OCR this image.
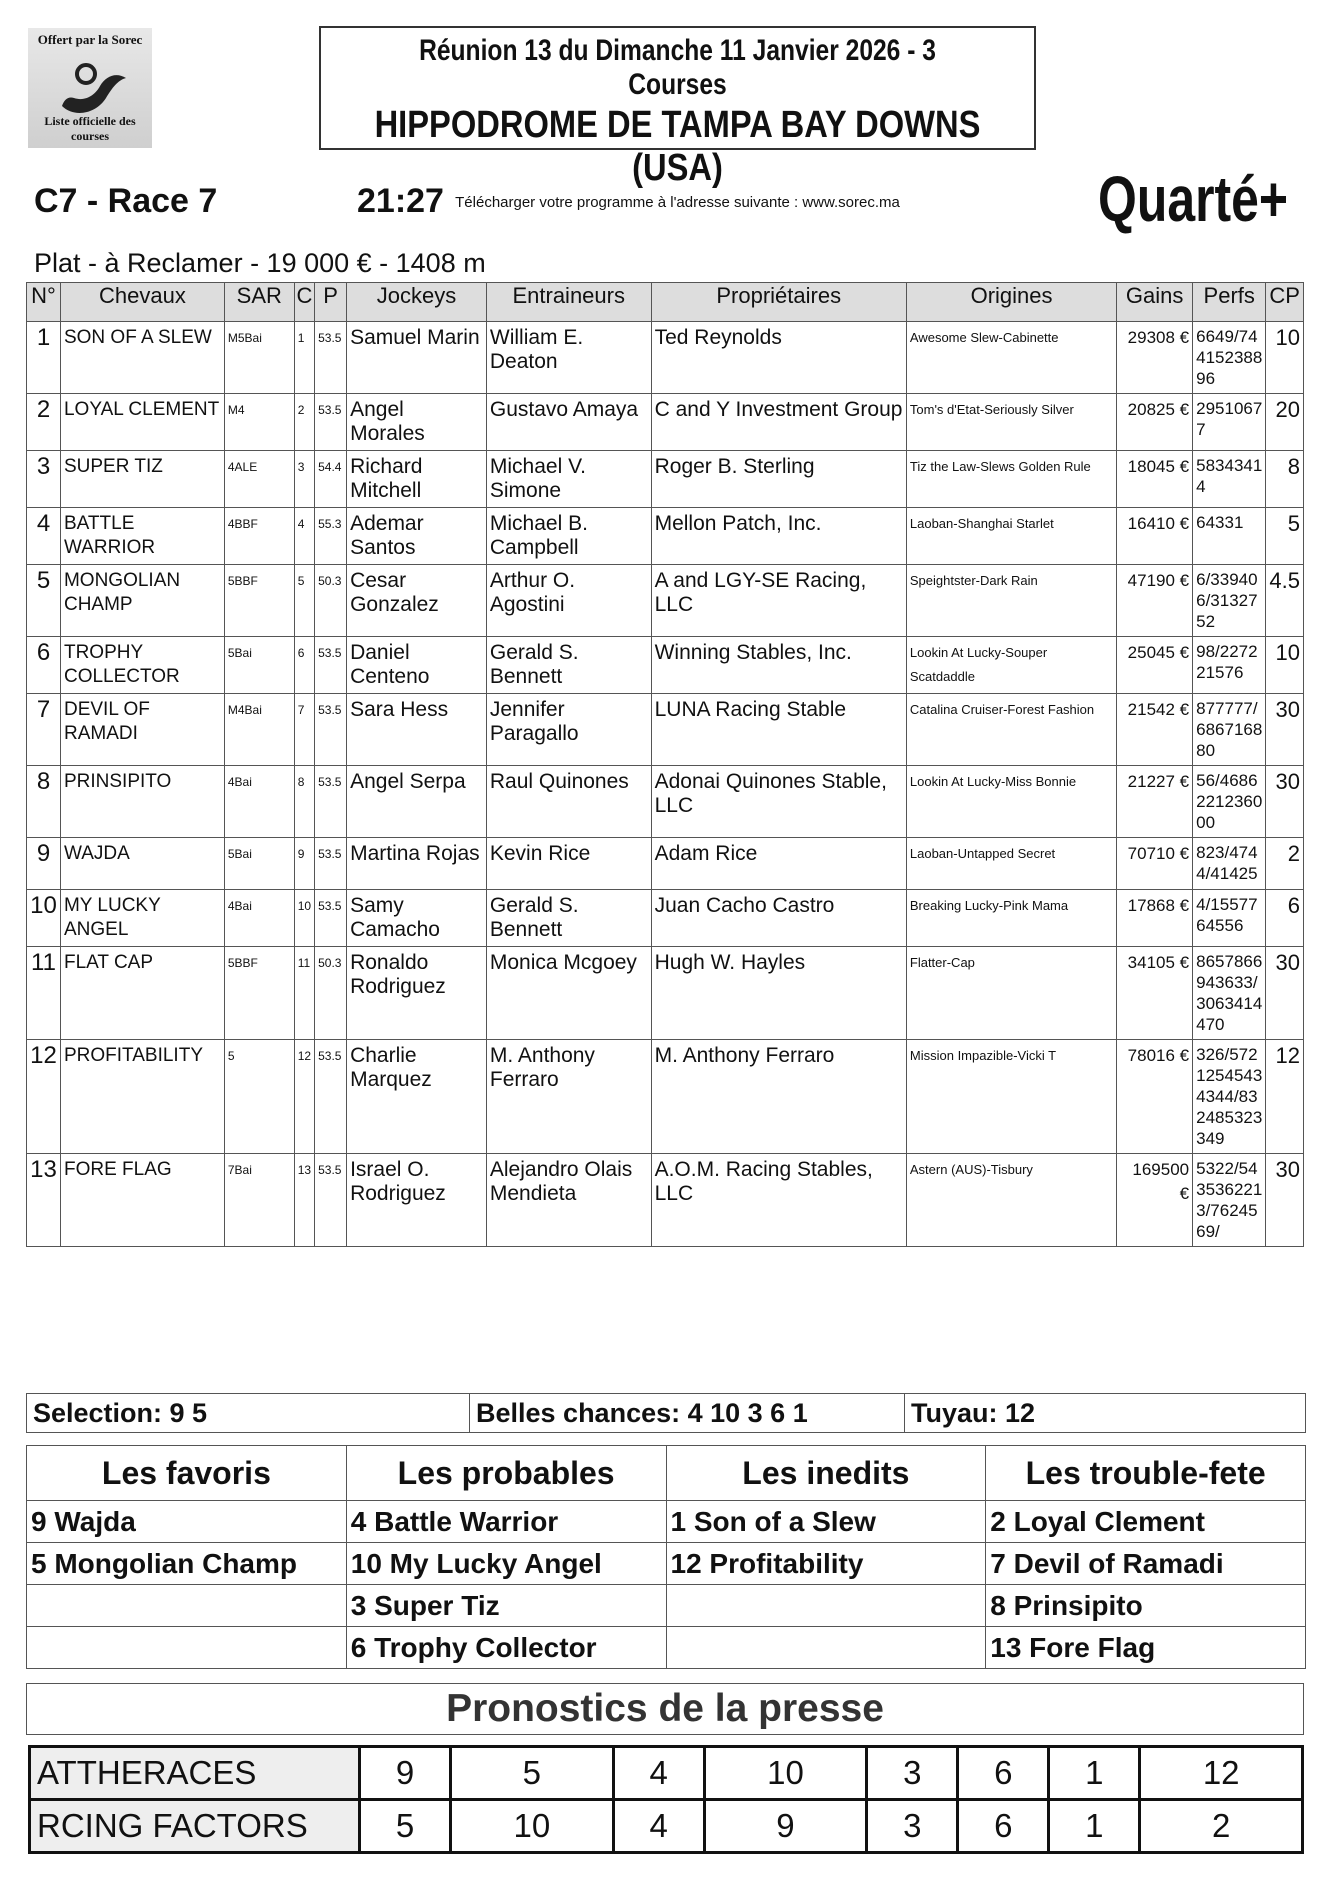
Offert par la Sorec
Liste officielle des courses
Réunion 13 du Dimanche 11 Janvier 2026 - 3 Courses
HIPPODROME DE TAMPA BAY DOWNS (USA)
Télécharger votre programme à l'adresse suivante : www.sorec.ma
C7 - Race 7	21:27	Quarté+
Plat - à Reclamer - 19 000 € - 1408 m
N°	Chevaux	SAR	C	P	Jockeys	Entraineurs	Propriétaires	Origines	Gains	Perfs	CP
1	SON OF A SLEW	M5Bai	1	53.5	Samuel Marin	William E. Deaton	Ted Reynolds	Awesome Slew-Cabinette	29308 €	6649/74 4152388 96	10
2	LOYAL CLEMENT	M4	2	53.5	Angel Morales	Gustavo Amaya	C and Y Investment Group	Tom's d'Etat-Seriously Silver	20825 €	2951067 7	20
3	SUPER TIZ	4ALE	3	54.4	Richard Mitchell	Michael V. Simone	Roger B. Sterling	Tiz the Law-Slews Golden Rule	18045 €	5834341 4	8
4	BATTLE WARRIOR	4BBF	4	55.3	Ademar Santos	Michael B. Campbell	Mellon Patch, Inc.	Laoban-Shanghai Starlet	16410 €	64331	5
5	MONGOLIAN CHAMP	5BBF	5	50.3	Cesar Gonzalez	Arthur O. Agostini	A and LGY-SE Racing, LLC	Speightster-Dark Rain	47190 €	6/33940 6/31327 52	4.5
6	TROPHY COLLECTOR	5Bai	6	53.5	Daniel Centeno	Gerald S. Bennett	Winning Stables, Inc.	Lookin At Lucky-Souper Scatdaddle	25045 €	98/2272 21576	10
7	DEVIL OF RAMADI	M4Bai	7	53.5	Sara Hess	Jennifer Paragallo	LUNA Racing Stable	Catalina Cruiser-Forest Fashion	21542 €	877777/ 6867168 80	30
8	PRINSIPITO	4Bai	8	53.5	Angel Serpa	Raul Quinones	Adonai Quinones Stable, LLC	Lookin At Lucky-Miss Bonnie	21227 €	56/4686 2212360 00	30
9	WAJDA	5Bai	9	53.5	Martina Rojas	Kevin Rice	Adam Rice	Laoban-Untapped Secret	70710 €	823/474 4/41425	2
10	MY LUCKY ANGEL	4Bai	10	53.5	Samy Camacho	Gerald S. Bennett	Juan Cacho Castro	Breaking Lucky-Pink Mama	17868 €	4/15577 64556	6
11	FLAT CAP	5BBF	11	50.3	Ronaldo Rodriguez	Monica Mcgoey	Hugh W. Hayles	Flatter-Cap	34105 €	8657866 943633/ 3063414 470	30
12	PROFITABILITY	5	12	53.5	Charlie Marquez	M. Anthony Ferraro	M. Anthony Ferraro	Mission Impazible-Vicki T	78016 €	326/572 1254543 4344/83 2485323 349	12
13	FORE FLAG	7Bai	13	53.5	Israel O. Rodriguez	Alejandro Olais Mendieta	A.O.M. Racing Stables, LLC	Astern (AUS)-Tisbury	169500 €	5322/54 3536221 3/76245 69/	30
Selection: 9 5	Belles chances: 4 10 3 6 1	Tuyau: 12
Les favoris	Les probables	Les inedits	Les trouble-fete
9 Wajda	4 Battle Warrior	1 Son of a Slew	2 Loyal Clement
5 Mongolian Champ	10 My Lucky Angel	12 Profitability	7 Devil of Ramadi
	3 Super Tiz		8 Prinsipito
	6 Trophy Collector		13 Fore Flag
Pronostics de la presse
ATTHERACES	9	5	4	10	3	6	1	12
RCING FACTORS	5	10	4	9	3	6	1	2
